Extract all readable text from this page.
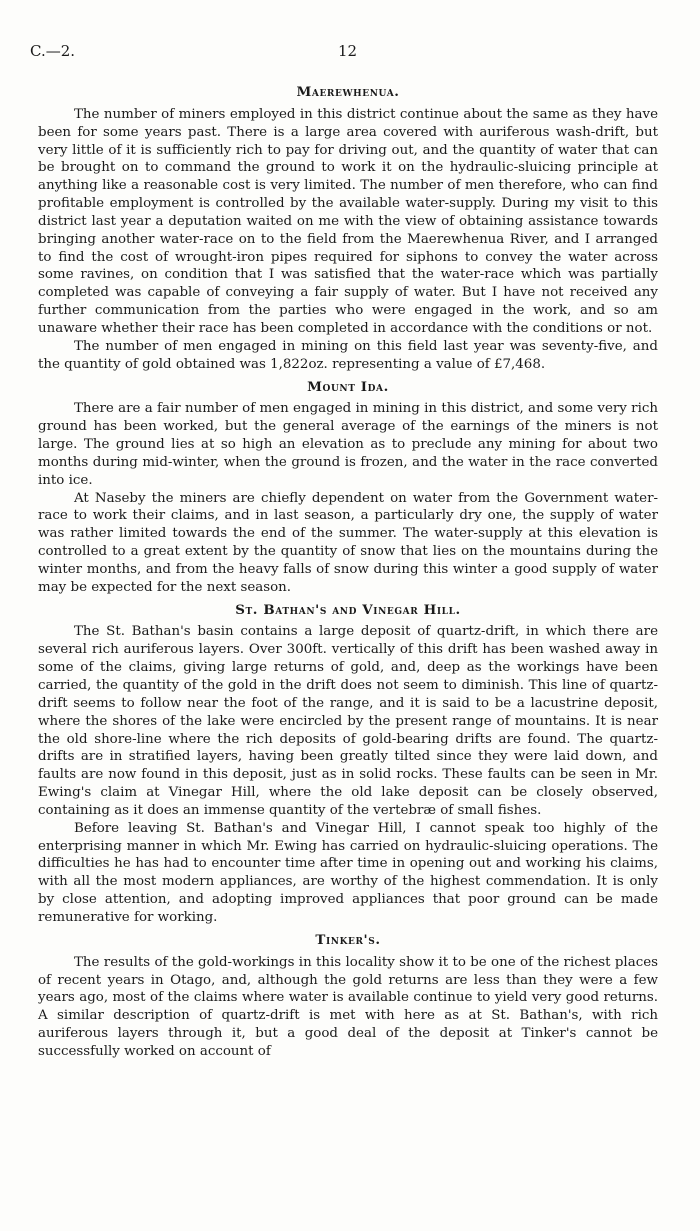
C.—2.	12
Maerewhenua.

The number of miners employed in this district continue about the same as they have been for some years past. There is a large area covered with auriferous wash-drift, but very little of it is sufficiently rich to pay for driving out, and the quantity of water that can be brought on to command the ground to work it on the hydraulic-sluicing principle at anything like a reasonable cost is very limited. The number of men therefore, who can find profitable employment is controlled by the available water-supply. During my visit to this district last year a deputation waited on me with the view of obtaining assistance towards bringing another water-race on to the field from the Maerewhenua River, and I arranged to find the cost of wrought-iron pipes required for siphons to convey the water across some ravines, on condition that I was satisfied that the water-race which was partially completed was capable of conveying a fair supply of water. But I have not received any further communication from the parties who were engaged in the work, and so am unaware whether their race has been completed in accordance with the conditions or not.

The number of men engaged in mining on this field last year was seventy-five, and the quantity of gold obtained was 1,822oz. representing a value of £7,468.

Mount Ida.

There are a fair number of men engaged in mining in this district, and some very rich ground has been worked, but the general average of the earnings of the miners is not large. The ground lies at so high an elevation as to preclude any mining for about two months during mid-winter, when the ground is frozen, and the water in the race converted into ice.

At Naseby the miners are chiefly dependent on water from the Government water-race to work their claims, and in last season, a particularly dry one, the supply of water was rather limited towards the end of the summer. The water-supply at this elevation is controlled to a great extent by the quantity of snow that lies on the mountains during the winter months, and from the heavy falls of snow during this winter a good supply of water may be expected for the next season.

St. Bathan's and Vinegar Hill.

The St. Bathan's basin contains a large deposit of quartz-drift, in which there are several rich auriferous layers. Over 300ft. vertically of this drift has been washed away in some of the claims, giving large returns of gold, and, deep as the workings have been carried, the quantity of the gold in the drift does not seem to diminish. This line of quartz-drift seems to follow near the foot of the range, and it is said to be a lacustrine deposit, where the shores of the lake were encircled by the present range of mountains. It is near the old shore-line where the rich deposits of gold-bearing drifts are found. The quartz-drifts are in stratified layers, having been greatly tilted since they were laid down, and faults are now found in this deposit, just as in solid rocks. These faults can be seen in Mr. Ewing's claim at Vinegar Hill, where the old lake deposit can be closely observed, containing as it does an immense quantity of the vertebræ of small fishes.

Before leaving St. Bathan's and Vinegar Hill, I cannot speak too highly of the enterprising manner in which Mr. Ewing has carried on hydraulic-sluicing operations. The difficulties he has had to encounter time after time in opening out and working his claims, with all the most modern appliances, are worthy of the highest commendation. It is only by close attention, and adopting improved appliances that poor ground can be made remunerative for working.

Tinker's.

The results of the gold-workings in this locality show it to be one of the richest places of recent years in Otago, and, although the gold returns are less than they were a few years ago, most of the claims where water is available continue to yield very good returns. A similar description of quartz-drift is met with here as at St. Bathan's, with rich auriferous layers through it, but a good deal of the deposit at Tinker's cannot be successfully worked on account of
